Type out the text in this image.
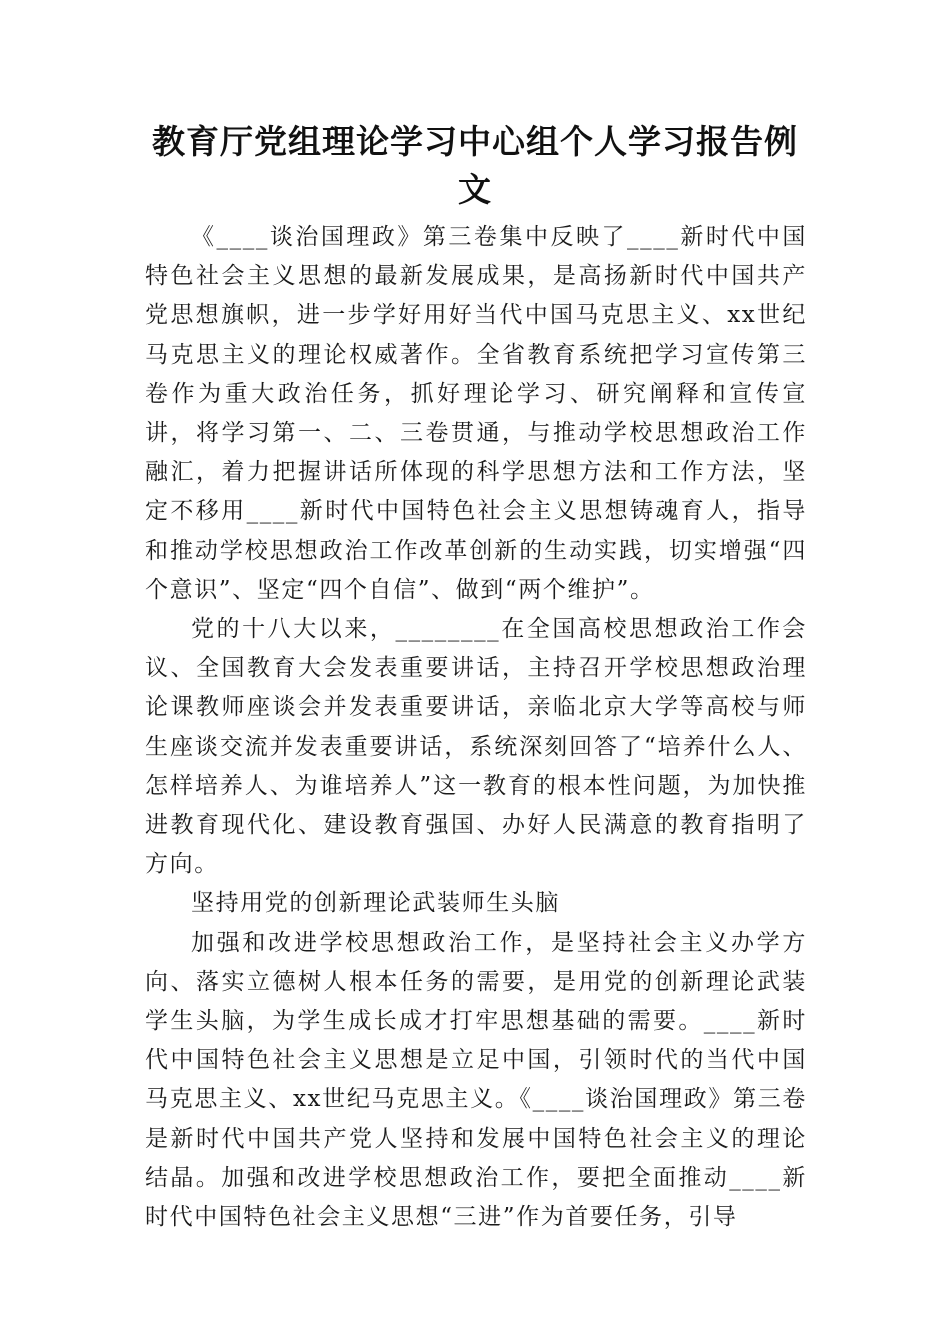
教育厅党组理论学习中心组个人学习报告例文

《____谈治国理政》第三卷集中反映了____新时代中国特色社会主义思想的最新发展成果，是高扬新时代中国共产党思想旗帜，进一步学好用好当代中国马克思主义、xx世纪马克思主义的理论权威著作。全省教育系统把学习宣传第三卷作为重大政治任务，抓好理论学习、研究阐释和宣传宣讲，将学习第一、二、三卷贯通，与推动学校思想政治工作融汇，着力把握讲话所体现的科学思想方法和工作方法，坚定不移用____新时代中国特色社会主义思想铸魂育人，指导和推动学校思想政治工作改革创新的生动实践，切实增强“四个意识”、坚定“四个自信”、做到“两个维护”。

党的十八大以来，________在全国高校思想政治工作会议、全国教育大会发表重要讲话，主持召开学校思想政治理论课教师座谈会并发表重要讲话，亲临北京大学等高校与师生座谈交流并发表重要讲话，系统深刻回答了“培养什么人、怎样培养人、为谁培养人”这一教育的根本性问题，为加快推进教育现代化、建设教育强国、办好人民满意的教育指明了方向。

坚持用党的创新理论武装师生头脑

加强和改进学校思想政治工作，是坚持社会主义办学方向、落实立德树人根本任务的需要，是用党的创新理论武装学生头脑，为学生成长成才打牢思想基础的需要。____新时代中国特色社会主义思想是立足中国，引领时代的当代中国马克思主义、xx世纪马克思主义。《____谈治国理政》第三卷是新时代中国共产党人坚持和发展中国特色社会主义的理论结晶。加强和改进学校思想政治工作，要把全面推动____新时代中国特色社会主义思想“三进”作为首要任务，引导
